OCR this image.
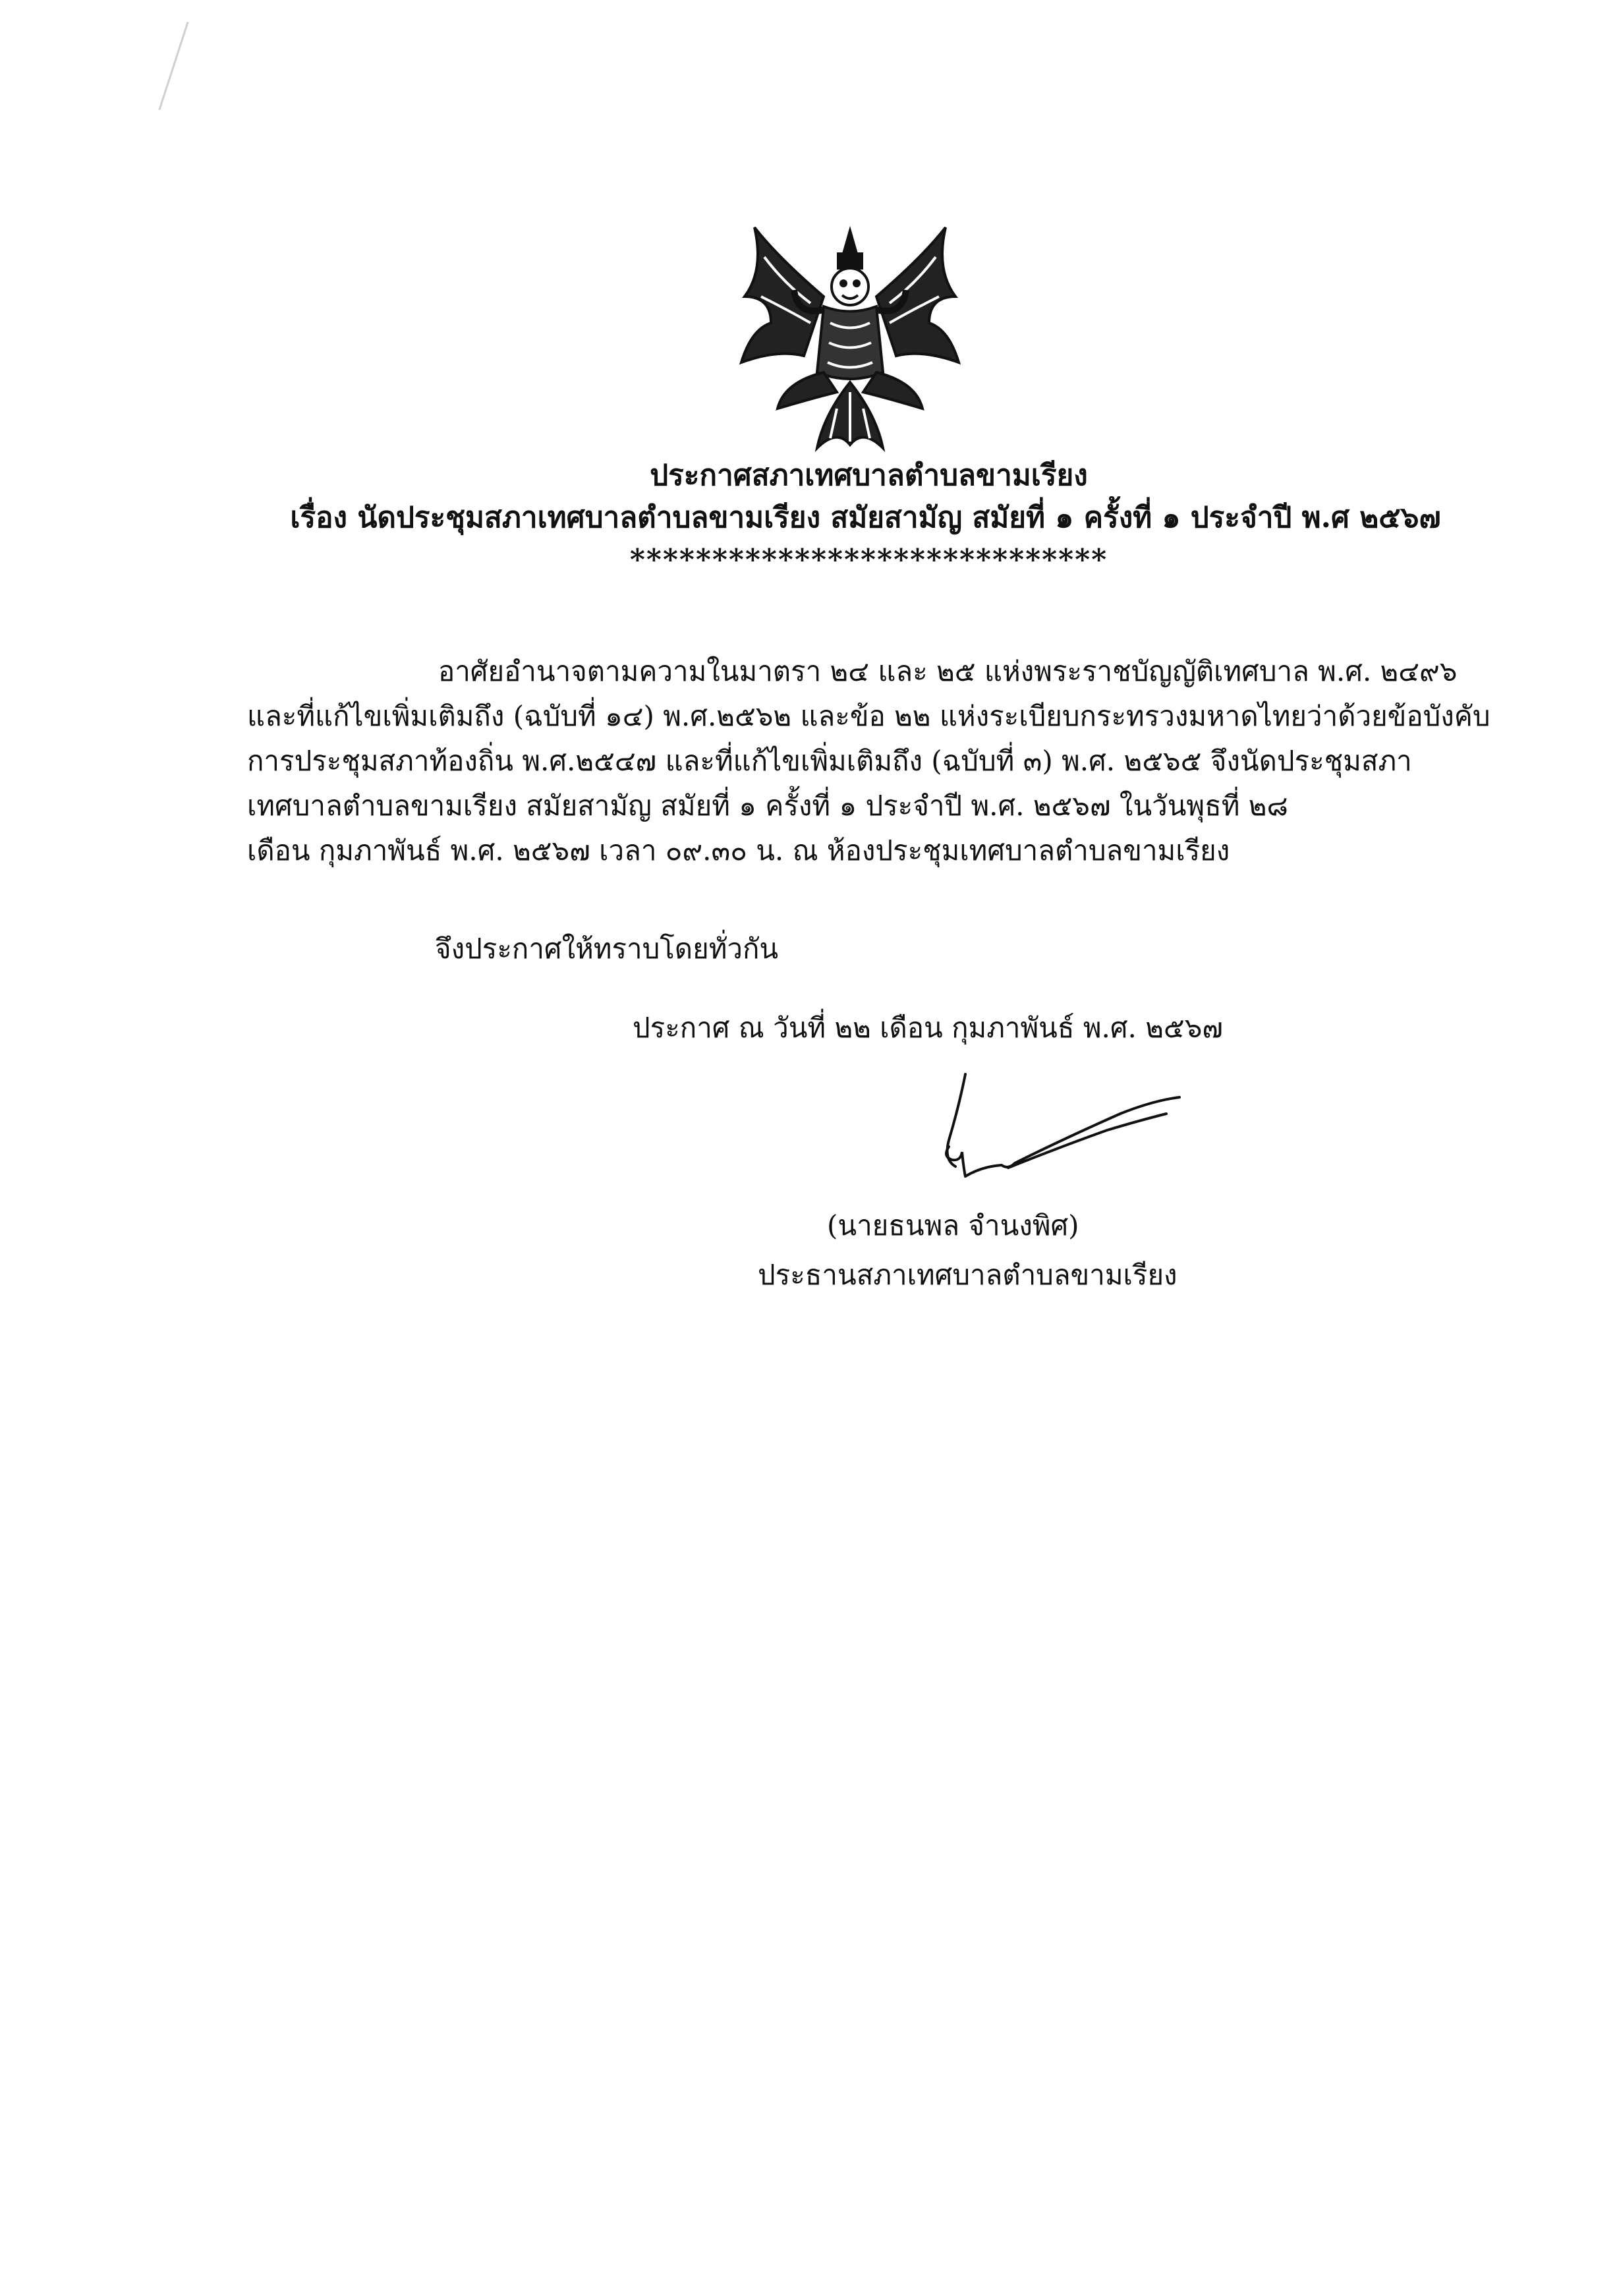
ประกาศสภาเทศบาลตำบลขามเรียง
เรื่อง นัดประชุมสภาเทศบาลตำบลขามเรียง สมัยสามัญ สมัยที่ ๑ ครั้งที่ ๑ ประจำปี พ.ศ ๒๕๖๗
*****************************

อาศัยอำนาจตามความในมาตรา ๒๔ และ ๒๕ แห่งพระราชบัญญัติเทศบาล พ.ศ. ๒๔๙๖

และที่แก้ไขเพิ่มเติมถึง (ฉบับที่ ๑๔) พ.ศ.๒๕๖๒ และข้อ ๒๒ แห่งระเบียบกระทรวงมหาดไทยว่าด้วยข้อบังคับ

การประชุมสภาท้องถิ่น พ.ศ.๒๕๔๗ และที่แก้ไขเพิ่มเติมถึง (ฉบับที่ ๓) พ.ศ. ๒๕๖๕ จึงนัดประชุมสภา

เทศบาลตำบลขามเรียง สมัยสามัญ สมัยที่ ๑ ครั้งที่ ๑ ประจำปี พ.ศ. ๒๕๖๗ ในวันพุธที่ ๒๘

เดือน กุมภาพันธ์ พ.ศ. ๒๕๖๗ เวลา ๐๙.๓๐ น. ณ ห้องประชุมเทศบาลตำบลขามเรียง

จึงประกาศให้ทราบโดยทั่วกัน
ประกาศ ณ วันที่ ๒๒ เดือน กุมภาพันธ์ พ.ศ. ๒๕๖๗
(นายธนพล จำนงพิศ)
ประธานสภาเทศบาลตำบลขามเรียง
